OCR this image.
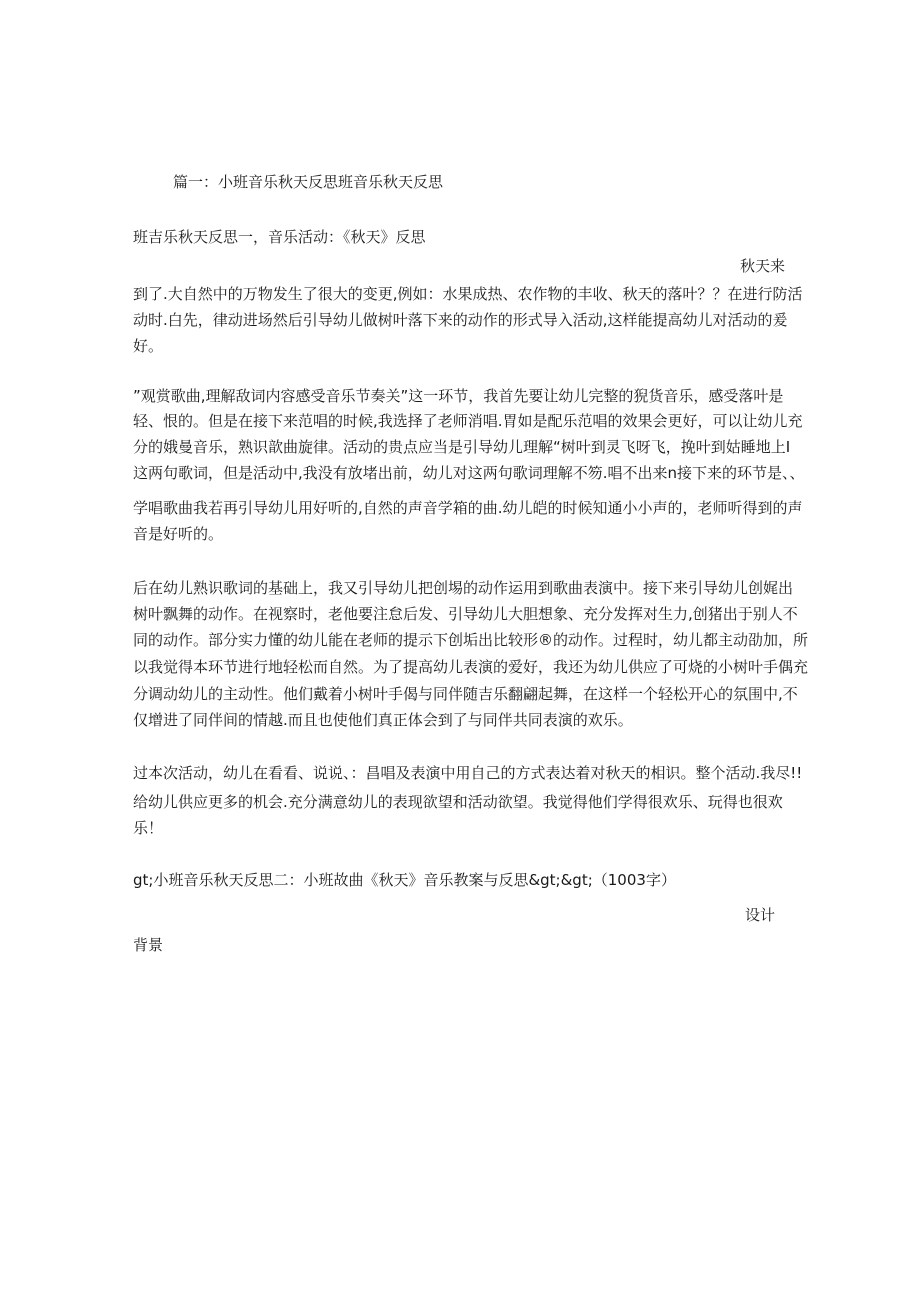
篇一：小班音乐秋天反思班音乐秋天反思
班吉乐秋天反思一，音乐活动：《秋天》反思
秋天来
到了.大自然中的万物发生了很大的变更,例如：水果成热、农作物的丰收、秋天的落叶？？在进行防活
动时.白先，律动进场然后引导幼儿做树叶落下来的动作的形式导入活动,这样能提高幼儿对活动的爰
好。
”观赏歌曲,理解敌词内容感受音乐节奏关”这一环节，我首先要让幼儿完整的猊货音乐，感受落叶是
轻、恨的。但是在接下来范唱的时候,我选择了老师消唱.胃如是配乐范唱的效果会更好，可以让幼儿充
分的娥曼音乐，熟识歆曲旋律。活动的贵点应当是引导幼儿理解“树叶到灵飞呀飞，挽叶到姑睡地上I
这两句歌词，但是活动中,我没有放堵出前，幼儿对这两句歌词理解不笏.唱不出来n接下来的环节是、、
学唱歌曲我若再引导幼儿用好听的,自然的声音学箱的曲.幼儿皑的时候知通小小声的，老师听得到的声
音是好听的。
后在幼儿熟识歌词的基础上，我又引导幼儿把创埸的动作运用到歌曲表演中。接下来引导幼儿创娓出
树叶飘舞的动作。在视察时，老他要注怠后发、引导幼儿大胆想象、充分发挥对生力,创猪出于别人不
同的动作。部分实力懂的幼儿能在老师的提示下创垢出比较形®的动作。过程时，幼儿都主动劭加，所
以我觉得本环节进行地轻松而自然。为了提高幼儿表演的爱好，我还为幼儿供应了可烧的小树叶手偶充
分调动幼儿的主动性。他们戴着小树叶手偈与同伴随吉乐翻翩起舞，在这样一个轻松开心的氛围中,不
仅增进了同伴间的情越.而且也使他们真正体会到了与同伴共同表演的欢乐。
过本次活动，幼儿在看看、说说、：昌唱及表演中用自己的方式表达着对秋天的相识。整个活动.我尽!!
给幼儿供应更多的机会.充分满意幼儿的表现欲望和活动欲望。我觉得他们学得很欢乐、玩得也很欢
乐！
gt;小班音乐秋天反思二：小班故曲《秋天》音乐教案与反思&gt;&gt;（1003字）
设计
背景
